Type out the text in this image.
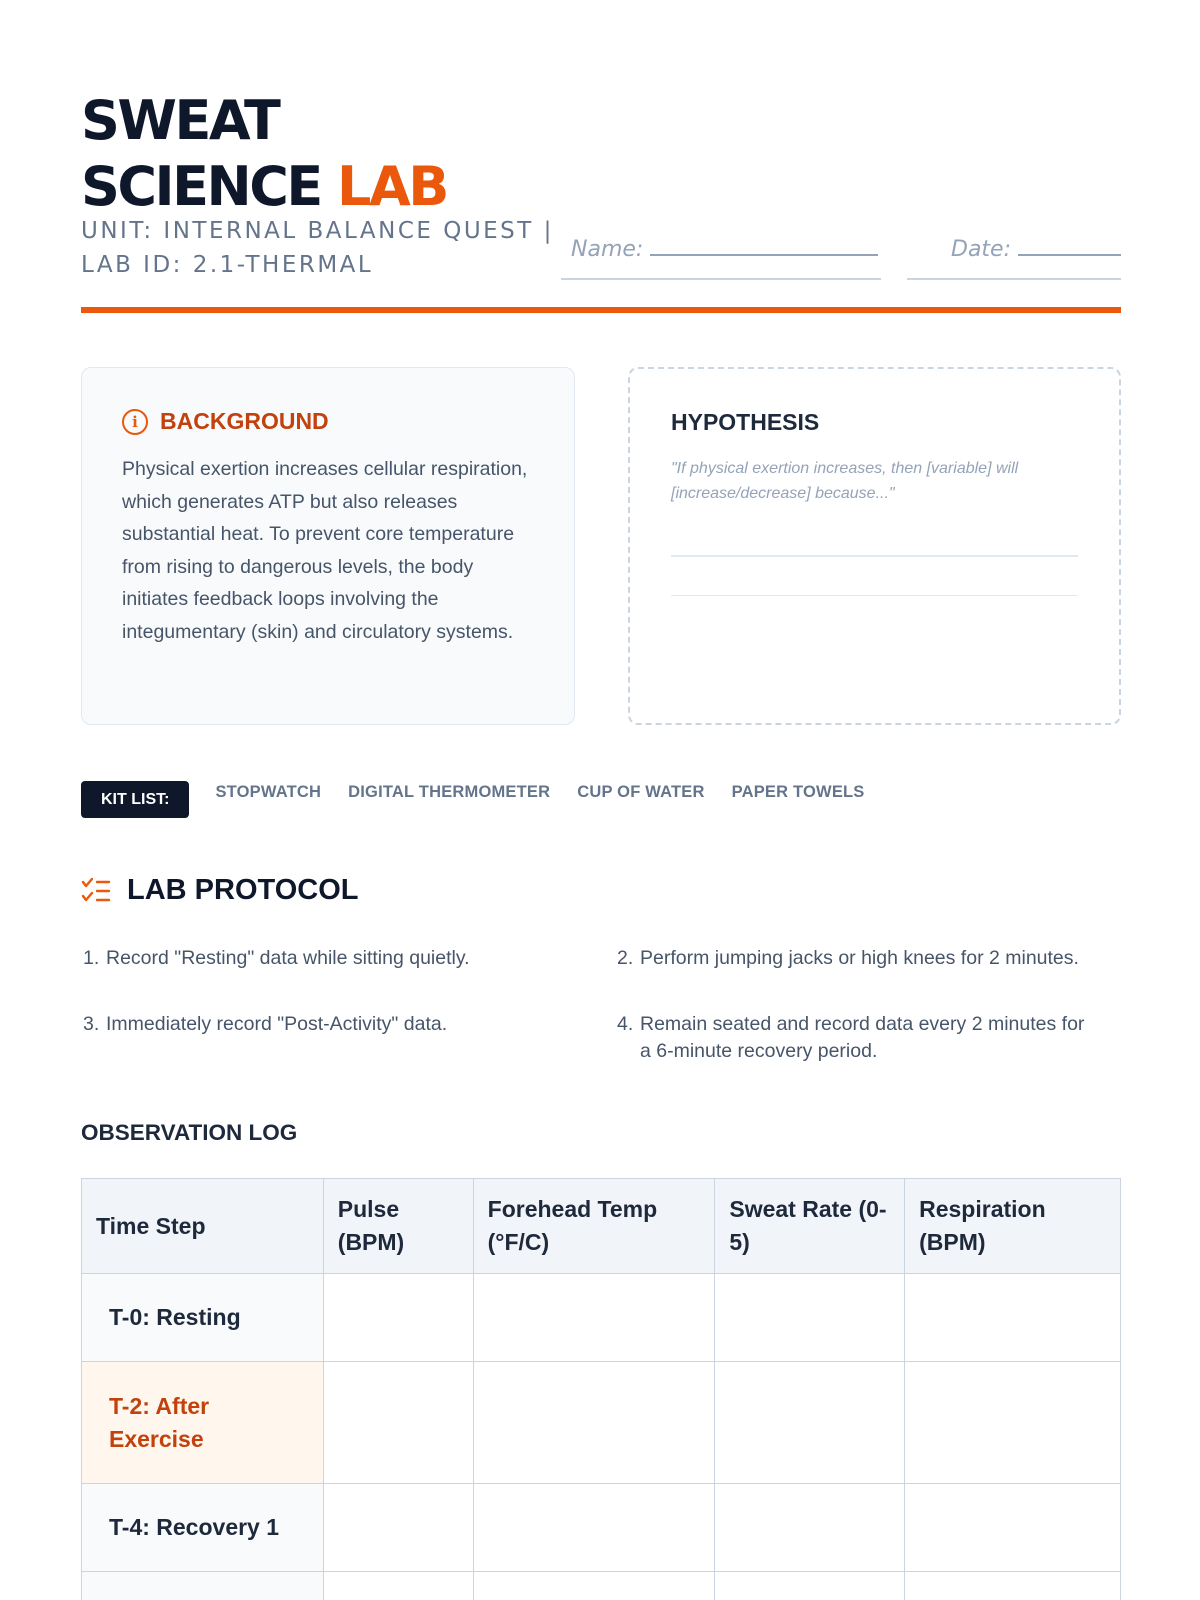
SWEAT
SCIENCE LAB
UNIT: INTERNAL BALANCE QUEST |
LAB ID: 2.1-THERMAL
Name:	Date:
i BACKGROUND
Physical exertion increases cellular respiration, which generates ATP but also releases substantial heat. To prevent core temperature from rising to dangerous levels, the body initiates feedback loops involving the integumentary (skin) and circulatory systems.
HYPOTHESIS
"If physical exertion increases, then [variable] will [increase/decrease] because..."
KIT LIST:	STOPWATCH DIGITAL THERMOMETER CUP OF WATER PAPER TOWELS
LAB PROTOCOL
1. Record "Resting" data while sitting quietly.	2. Perform jumping jacks or high knees for 2 minutes.
3. Immediately record "Post-Activity" data.	4. Remain seated and record data every 2 minutes for a 6-minute recovery period.
OBSERVATION LOG
Time Step	Pulse (BPM)	Forehead Temp (°F/C)	Sweat Rate (0-5)	Respiration (BPM)
T-0: Resting				
T-2: After Exercise				
T-4: Recovery 1				
